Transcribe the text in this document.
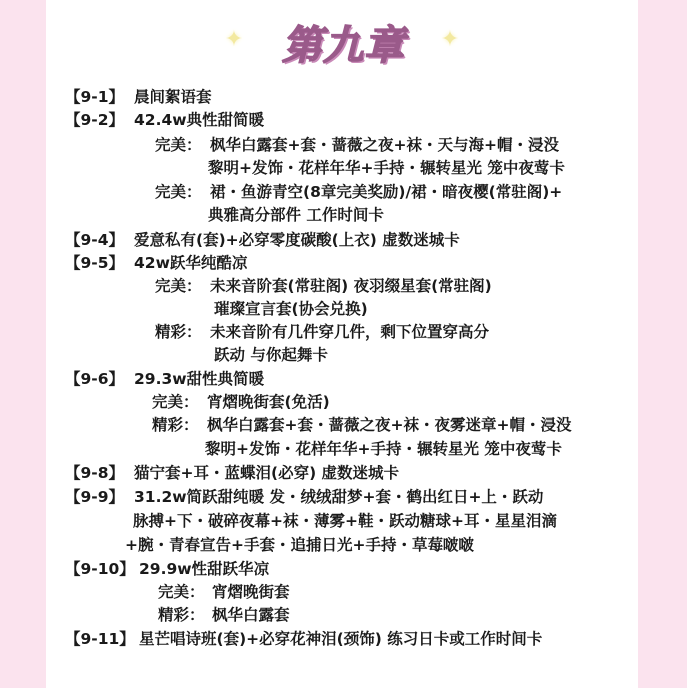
✦	✦
第九章
【9-1】 晨间絮语套
【9-2】 42.4w典性甜简暖
完美： 枫华白露套+套・蔷薇之夜+袜・天与海+帽・浸没
黎明+发饰・花样年华+手持・辗转星光 笼中夜莺卡
完美： 裙・鱼游青空(8章完美奖励)/裙・暗夜樱(常驻阁)+
典雅高分部件 工作时间卡
【9-4】 爱意私有(套)+必穿零度碳酸(上衣) 虚数迷城卡
【9-5】 42w跃华纯酷凉
完美： 未来音阶套(常驻阁) 夜羽缀星套(常驻阁)
璀璨宣言套(协会兑换)
精彩： 未来音阶有几件穿几件，剩下位置穿高分
跃动 与你起舞卡
【9-6】 29.3w甜性典简暖
完美： 宵熠晚街套(免活)
精彩： 枫华白露套+套・蔷薇之夜+袜・夜雾迷章+帽・浸没
黎明+发饰・花样年华+手持・辗转星光 笼中夜莺卡
【9-8】 猫宁套+耳・蓝蝶泪(必穿) 虚数迷城卡
【9-9】 31.2w简跃甜纯暖 发・绒绒甜梦+套・鹤出红日+上・跃动
脉搏+下・破碎夜幕+袜・薄雾+鞋・跃动糖球+耳・星星泪滴
+腕・青春宣告+手套・追捕日光+手持・草莓啵啵
【9-10】 29.9w性甜跃华凉
完美： 宵熠晚街套
精彩： 枫华白露套
【9-11】 星芒唱诗班(套)+必穿花神泪(颈饰) 练习日卡或工作时间卡
